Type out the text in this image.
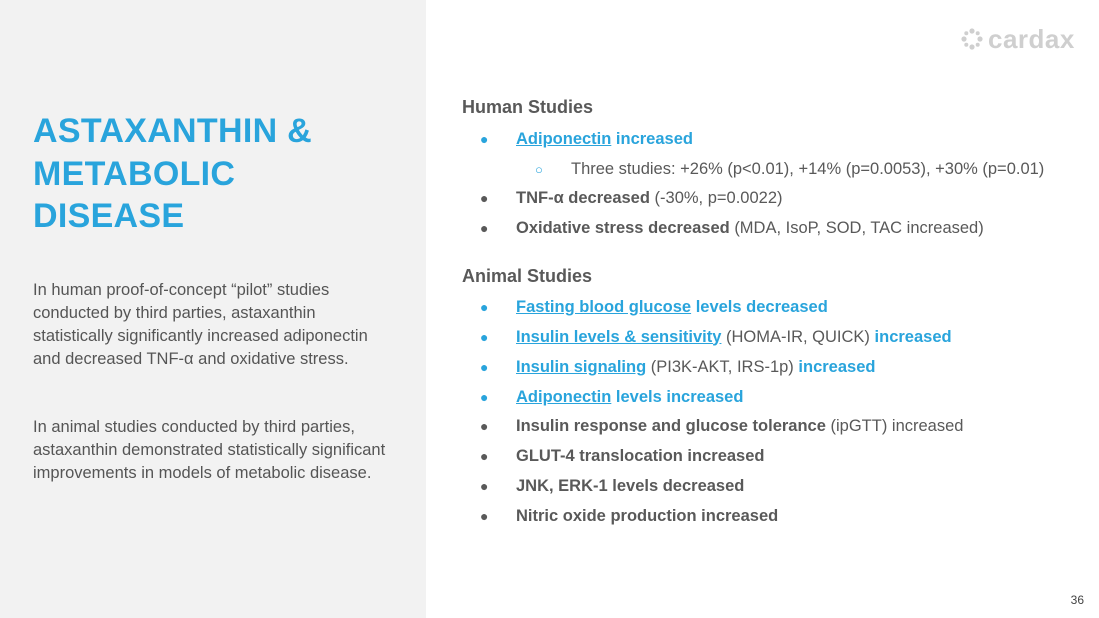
ASTAXANTHIN &
METABOLIC
DISEASE

In human proof-of-concept “pilot” studies conducted by third parties, astaxanthin statistically significantly increased adiponectin and decreased TNF-α and oxidative stress.

In animal studies conducted by third parties, astaxanthin demonstrated statistically significant improvements in models of metabolic disease.

cardax
Human Studies
●	Adiponectin
increased
○	Three studies: +26% (p<0.01), +14% (p=0.0053), +30% (p=0.01)
●	TNF-α decreased
(-30%, p=0.0022)
●	Oxidative stress decreased
(MDA, IsoP, SOD, TAC increased)
Animal Studies
●	Fasting blood glucose
levels decreased
●	Insulin levels & sensitivity
(HOMA-IR, QUICK)
increased
●	Insulin signaling
(PI3K-AKT, IRS-1p)
increased
●	Adiponectin
levels increased
●	Insulin response and glucose tolerance
(ipGTT) increased
●	GLUT-4 translocation increased
●	JNK, ERK-1 levels decreased
●	Nitric oxide production increased
36
